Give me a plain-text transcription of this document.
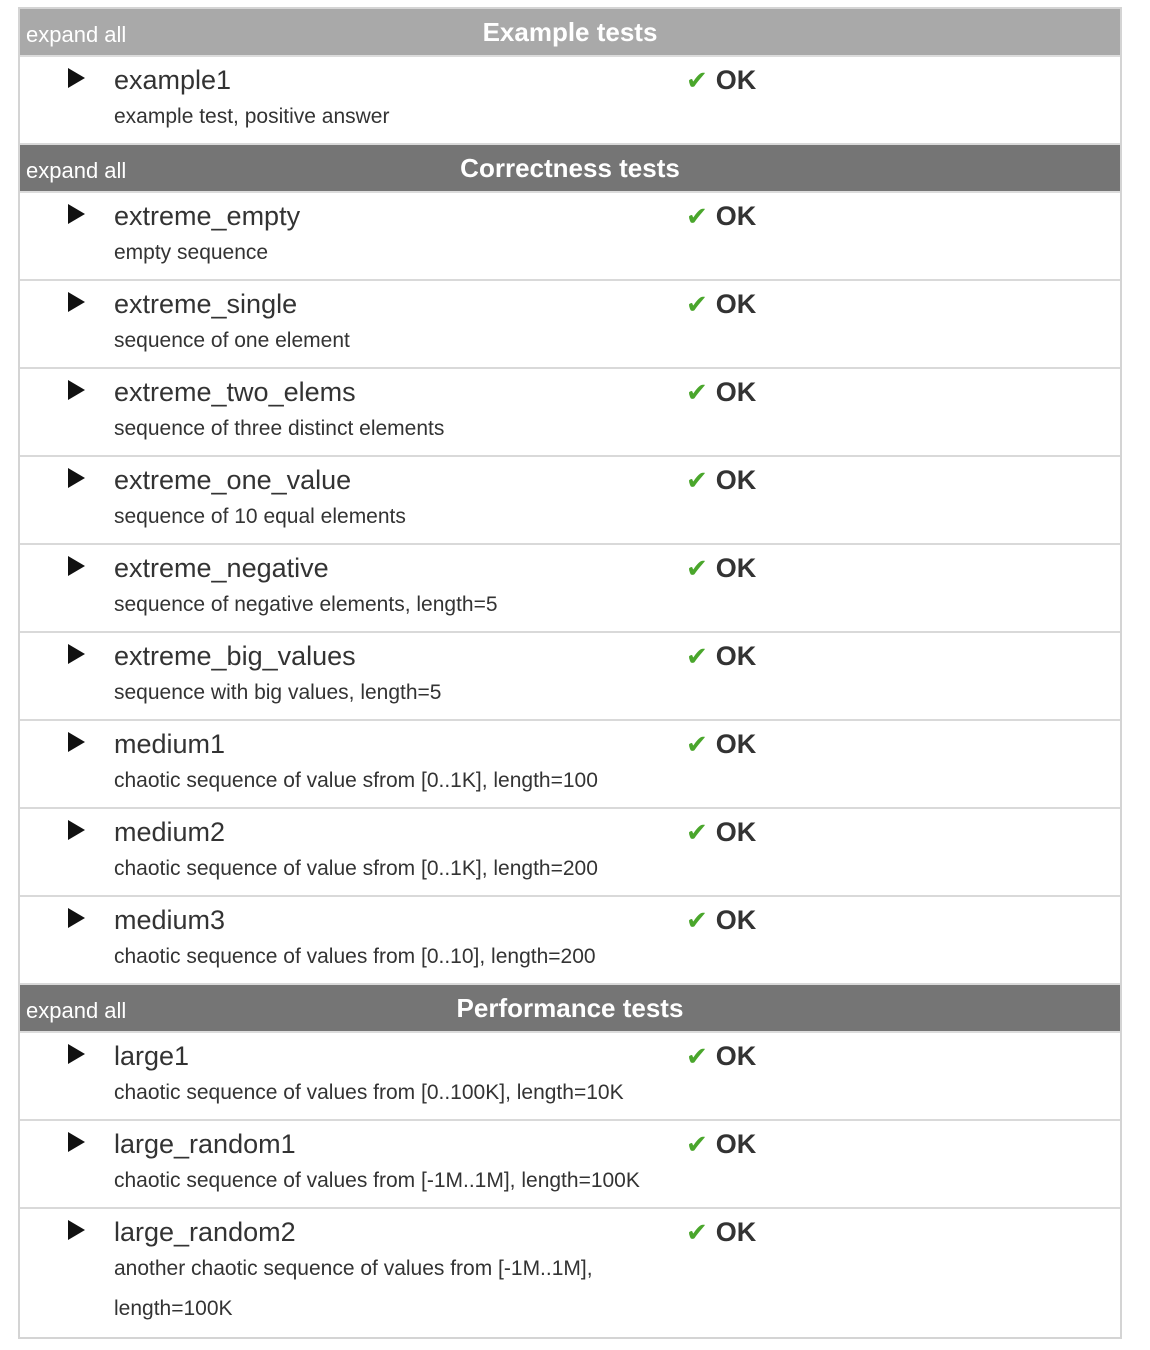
expand all	Example tests
example1	✔ OK
example test, positive answer
expand all	Correctness tests
extreme_empty	✔ OK
empty sequence
extreme_single	✔ OK
sequence of one element
extreme_two_elems	✔ OK
sequence of three distinct elements
extreme_one_value	✔ OK
sequence of 10 equal elements
extreme_negative	✔ OK
sequence of negative elements, length=5
extreme_big_values	✔ OK
sequence with big values, length=5
medium1	✔ OK
chaotic sequence of value sfrom [0..1K], length=100
medium2	✔ OK
chaotic sequence of value sfrom [0..1K], length=200
medium3	✔ OK
chaotic sequence of values from [0..10], length=200
expand all	Performance tests
large1	✔ OK
chaotic sequence of values from [0..100K], length=10K
large_random1	✔ OK
chaotic sequence of values from [-1M..1M], length=100K
large_random2	✔ OK
another chaotic sequence of values from [-1M..1M], length=100K
